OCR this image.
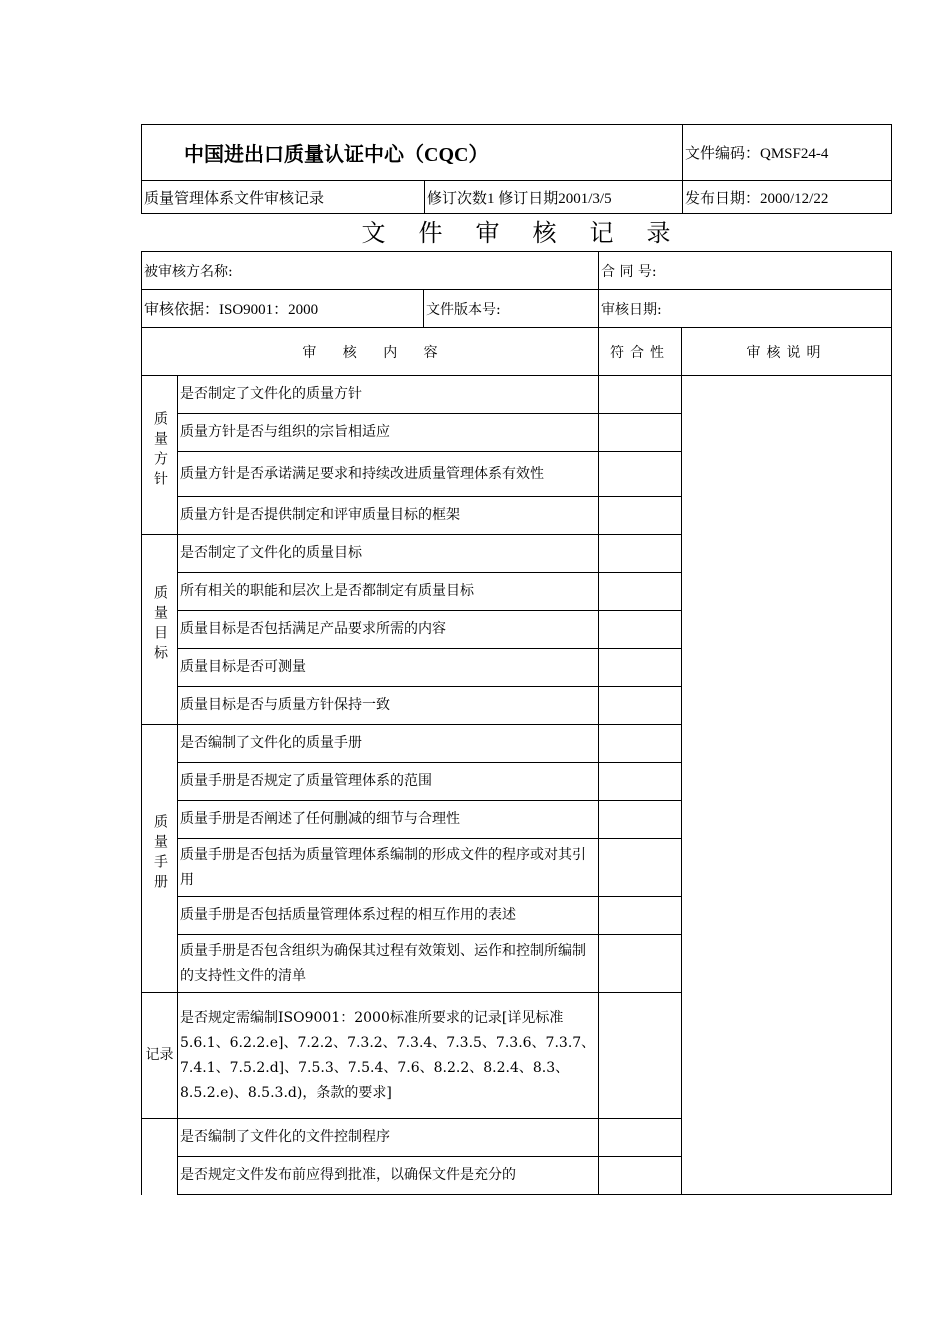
中国进出口质量认证中心（CQC）		文件编码：QMSF24-4
质量管理体系文件审核记录	修订次数1 修订日期2001/3/5	发布日期：2000/12/22
文件审核记录
被审核方名称:			合 同 号:	
审核依据：ISO9001：2000		文件版本号:	审核日期:	
审 核 内 容			符合性	审核说明
质量方针	是否制定了文件化的质量方针			
	质量方针是否与组织的宗旨相适应			
	质量方针是否承诺满足要求和持续改进质量管理体系有效性			
	质量方针是否提供制定和评审质量目标的框架			
质量目标	是否制定了文件化的质量目标			
	所有相关的职能和层次上是否都制定有质量目标			
	质量目标是否包括满足产品要求所需的内容			
	质量目标是否可测量			
	质量目标是否与质量方针保持一致			
质量手册	是否编制了文件化的质量手册			
	质量手册是否规定了质量管理体系的范围			
	质量手册是否阐述了任何删减的细节与合理性			
	质量手册是否包括为质量管理体系编制的形成文件的程序或对其引用			
	质量手册是否包括质量管理体系过程的相互作用的表述			
	质量手册是否包含组织为确保其过程有效策划、运作和控制所编制的支持性文件的清单			
记录	是否规定需编制ISO9001：2000标准所要求的记录[详见标准5.6.1、6.2.2.e]、7.2.2、7.3.2、7.3.4、7.3.5、7.3.6、7.3.7、7.4.1、7.5.2.d]、7.5.3、7.5.4、7.6、8.2.2、8.2.4、8.3、8.5.2.e)、8.5.3.d)，条款的要求]			
	是否编制了文件化的文件控制程序			
	是否规定文件发布前应得到批准，以确保文件是充分的			
